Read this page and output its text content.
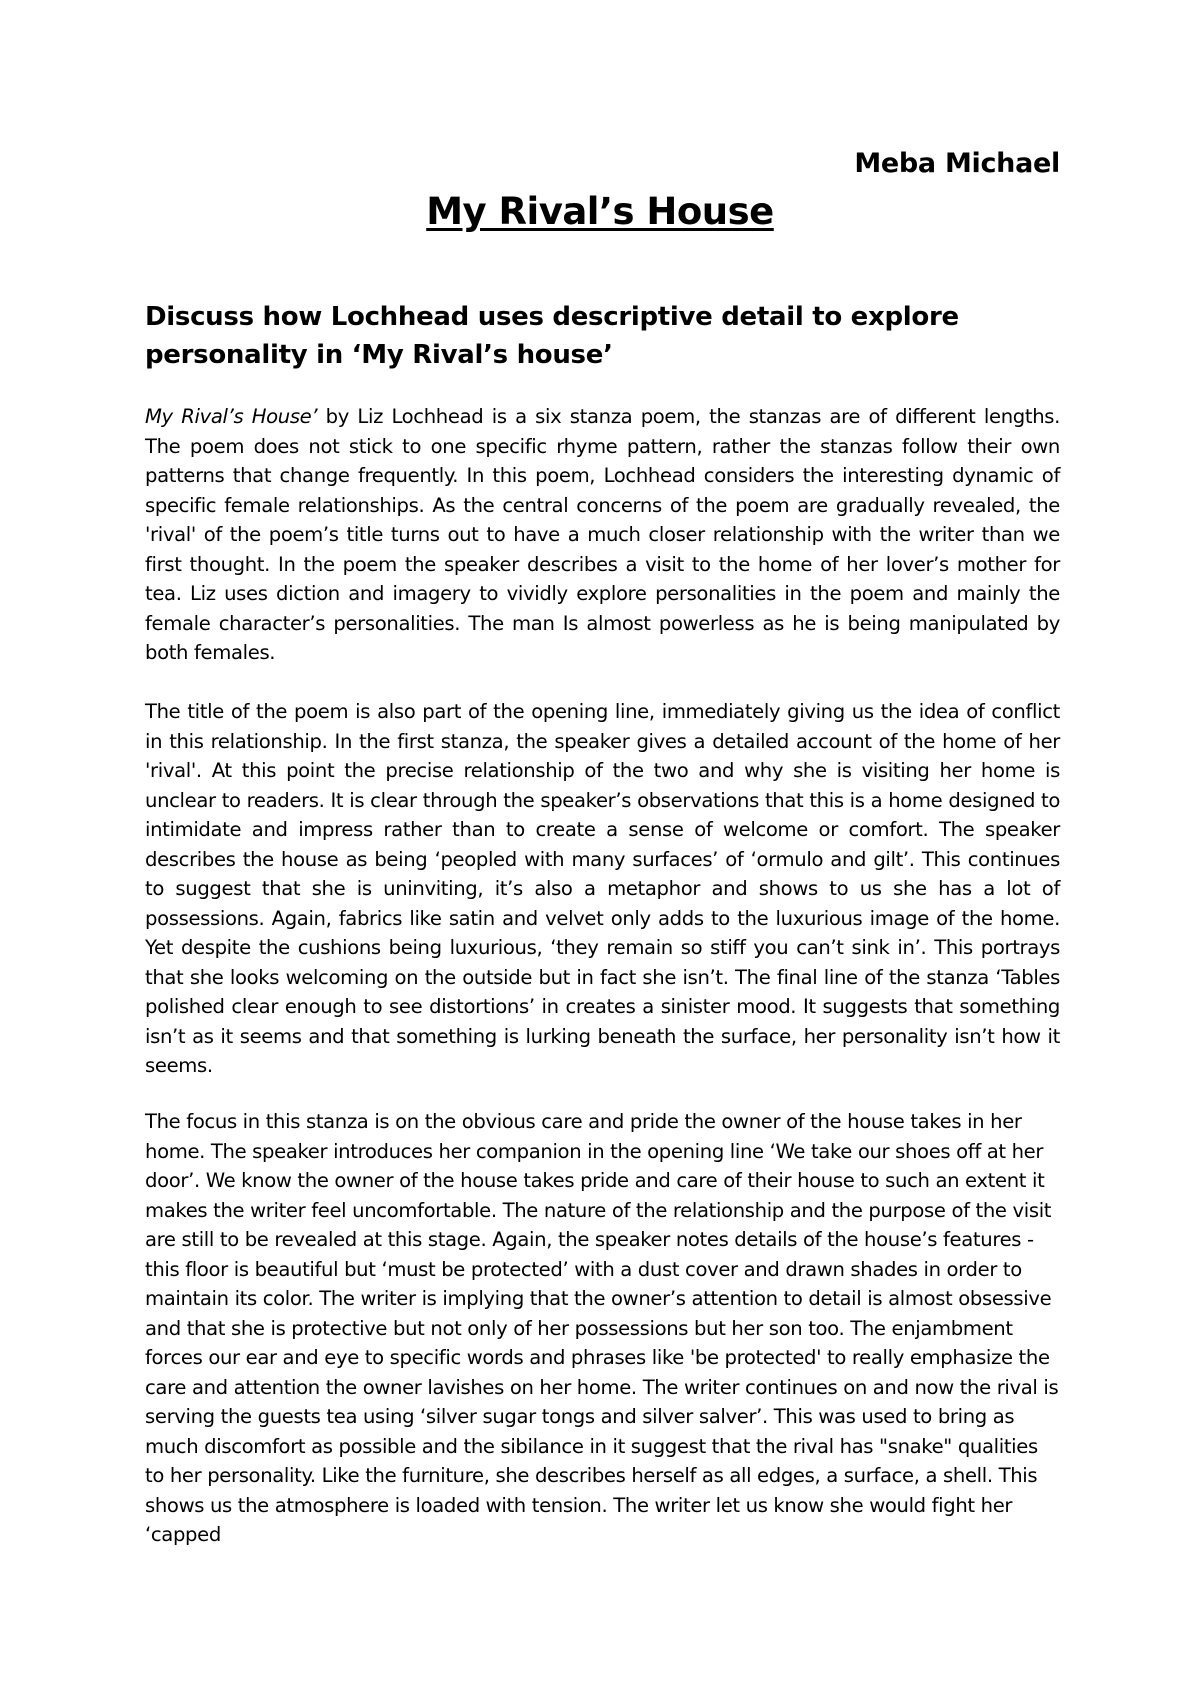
Meba Michael
My Rival’s House
Discuss how Lochhead uses descriptive detail to explore personality in ‘My Rival’s house’
My Rival’s House’ by Liz Lochhead is a six stanza poem, the stanzas are of different lengths. The poem does not stick to one specific rhyme pattern, rather the stanzas follow their own patterns that change frequently. In this poem, Lochhead considers the interesting dynamic of specific female relationships. As the central concerns of the poem are gradually revealed, the 'rival' of the poem’s title turns out to have a much closer relationship with the writer than we first thought. In the poem the speaker describes a visit to the home of her lover’s mother for tea. Liz uses diction and imagery to vividly explore personalities in the poem and mainly the female character’s personalities. The man Is almost powerless as he is being manipulated by both females.
The title of the poem is also part of the opening line, immediately giving us the idea of conflict in this relationship. In the first stanza, the speaker gives a detailed account of the home of her 'rival'. At this point the precise relationship of the two and why she is visiting her home is unclear to readers. It is clear through the speaker’s observations that this is a home designed to intimidate and impress rather than to create a sense of welcome or comfort. The speaker describes the house as being ‘peopled with many surfaces’ of ‘ormulo and gilt’. This continues to suggest that she is uninviting, it’s also a metaphor and shows to us she has a lot of possessions. Again, fabrics like satin and velvet only adds to the luxurious image of the home. Yet despite the cushions being luxurious, ‘they remain so stiff you can’t sink in’. This portrays that she looks welcoming on the outside but in fact she isn’t. The final line of the stanza ‘Tables polished clear enough to see distortions’ in creates a sinister mood. It suggests that something isn’t as it seems and that something is lurking beneath the surface, her personality isn’t how it seems.
The focus in this stanza is on the obvious care and pride the owner of the house takes in her home. The speaker introduces her companion in the opening line ‘We take our shoes off at her door’. We know the owner of the house takes pride and care of their house to such an extent it makes the writer feel uncomfortable. The nature of the relationship and the purpose of the visit are still to be revealed at this stage. Again, the speaker notes details of the house’s features - this floor is beautiful but ‘must be protected’ with a dust cover and drawn shades in order to maintain its color. The writer is implying that the owner’s attention to detail is almost obsessive and that she is protective but not only of her possessions but her son too. The enjambment forces our ear and eye to specific words and phrases like 'be protected' to really emphasize the care and attention the owner lavishes on her home. The writer continues on and now the rival is serving the guests tea using ‘silver sugar tongs and silver salver’. This was used to bring as much discomfort as possible and the sibilance in it suggest that the rival has "snake" qualities to her personality. Like the furniture, she describes herself as all edges, a surface, a shell. This shows us the atmosphere is loaded with tension. The writer let us know she would fight her ‘capped
